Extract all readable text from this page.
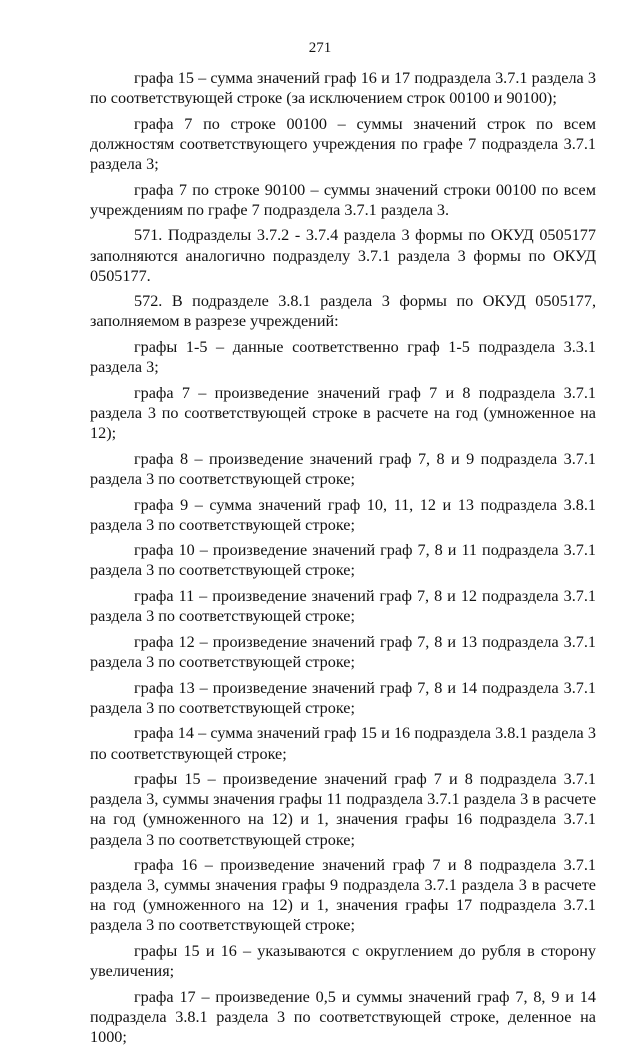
271

графа 15 – сумма значений граф 16 и 17 подраздела 3.7.1 раздела 3 по соответствующей строке (за исключением строк 00100 и 90100);

графа 7 по строке 00100 – суммы значений строк по всем должностям соответствующего учреждения по графе 7 подраздела 3.7.1 раздела 3;

графа 7 по строке 90100 – суммы значений строки 00100 по всем учреждениям по графе 7 подраздела 3.7.1 раздела 3.

571. Подразделы 3.7.2 - 3.7.4 раздела 3 формы по ОКУД 0505177 заполняются аналогично подразделу 3.7.1 раздела 3 формы по ОКУД 0505177.

572. В подразделе 3.8.1 раздела 3 формы по ОКУД 0505177, заполняемом в разрезе учреждений:

графы 1-5 – данные соответственно граф 1-5 подраздела 3.3.1 раздела 3;

графа 7 – произведение значений граф 7 и 8 подраздела 3.7.1 раздела 3 по соответствующей строке в расчете на год (умноженное на 12);

графа 8 – произведение значений граф 7, 8 и 9 подраздела 3.7.1 раздела 3 по соответствующей строке;

графа 9 – сумма значений граф 10, 11, 12 и 13 подраздела 3.8.1 раздела 3 по соответствующей строке;

графа 10 – произведение значений граф 7, 8 и 11 подраздела 3.7.1 раздела 3 по соответствующей строке;

графа 11 – произведение значений граф 7, 8 и 12 подраздела 3.7.1 раздела 3 по соответствующей строке;

графа 12 – произведение значений граф 7, 8 и 13 подраздела 3.7.1 раздела 3 по соответствующей строке;

графа 13 – произведение значений граф 7, 8 и 14 подраздела 3.7.1 раздела 3 по соответствующей строке;

графа 14 – сумма значений граф 15 и 16 подраздела 3.8.1 раздела 3 по соответствующей строке;

графы 15 – произведение значений граф 7 и 8 подраздела 3.7.1 раздела 3, суммы значения графы 11 подраздела 3.7.1 раздела 3 в расчете на год (умноженного на 12) и 1, значения графы 16 подраздела 3.7.1 раздела 3 по соответствующей строке;

графа 16 – произведение значений граф 7 и 8 подраздела 3.7.1 раздела 3, суммы значения графы 9 подраздела 3.7.1 раздела 3 в расчете на год (умноженного на 12) и 1, значения графы 17 подраздела 3.7.1 раздела 3 по соответствующей строке;

графы 15 и 16 – указываются с округлением до рубля в сторону увеличения;

графа 17 – произведение 0,5 и суммы значений граф 7, 8, 9 и 14 подраздела 3.8.1 раздела 3 по соответствующей строке, деленное на 1000;
